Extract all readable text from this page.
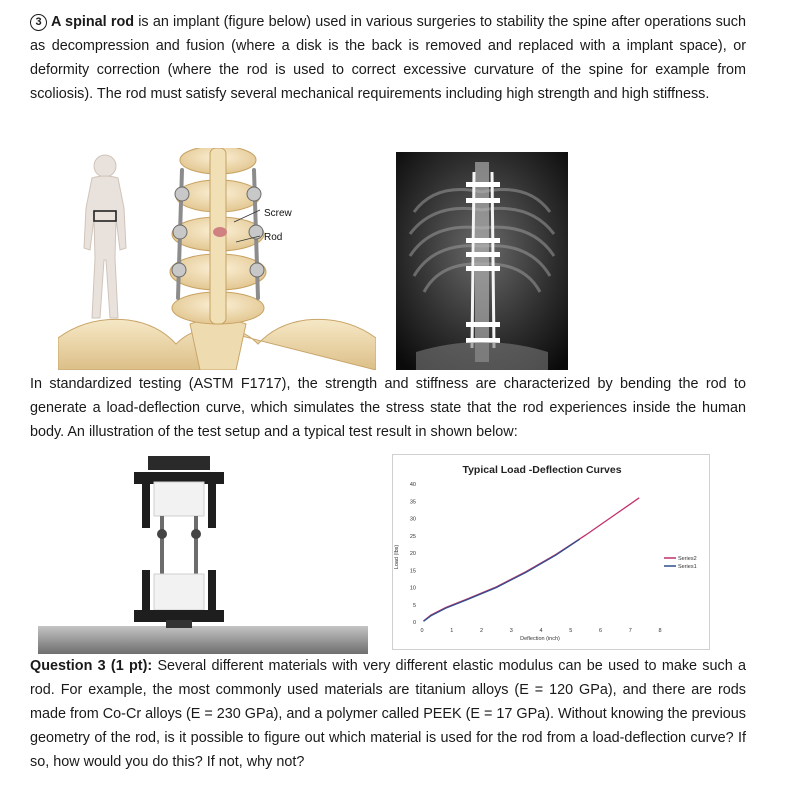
3 A spinal rod is an implant (figure below) used in various surgeries to stability the spine after operations such as decompression and fusion (where a disk is the back is removed and replaced with a implant space), or deformity correction (where the rod is used to correct excessive curvature of the spine for example from scoliosis). The rod must satisfy several mechanical requirements including high strength and high stiffness.
Screw
Rod
In standardized testing (ASTM F1717), the strength and stiffness are characterized by bending the rod to generate a load-deflection curve, which simulates the stress state that the rod experiences inside the human body. An illustration of the test setup and a typical test result in shown below:
Typical Load -Deflection Curves
0
5
10
15
20
25
30
35
40
0	1	2	3	4	5	6	7	8
Series2
Series1
Deflection (inch)
Load (lbs)
Question 3 (1 pt): Several different materials with very different elastic modulus can be used to make such a rod. For example, the most commonly used materials are titanium alloys (E = 120 GPa), and there are rods made from Co-Cr alloys (E = 230 GPa), and a polymer called PEEK (E = 17 GPa). Without knowing the previous geometry of the rod, is it possible to figure out which material is used for the rod from a load-deflection curve? If so, how would you do this? If not, why not?
